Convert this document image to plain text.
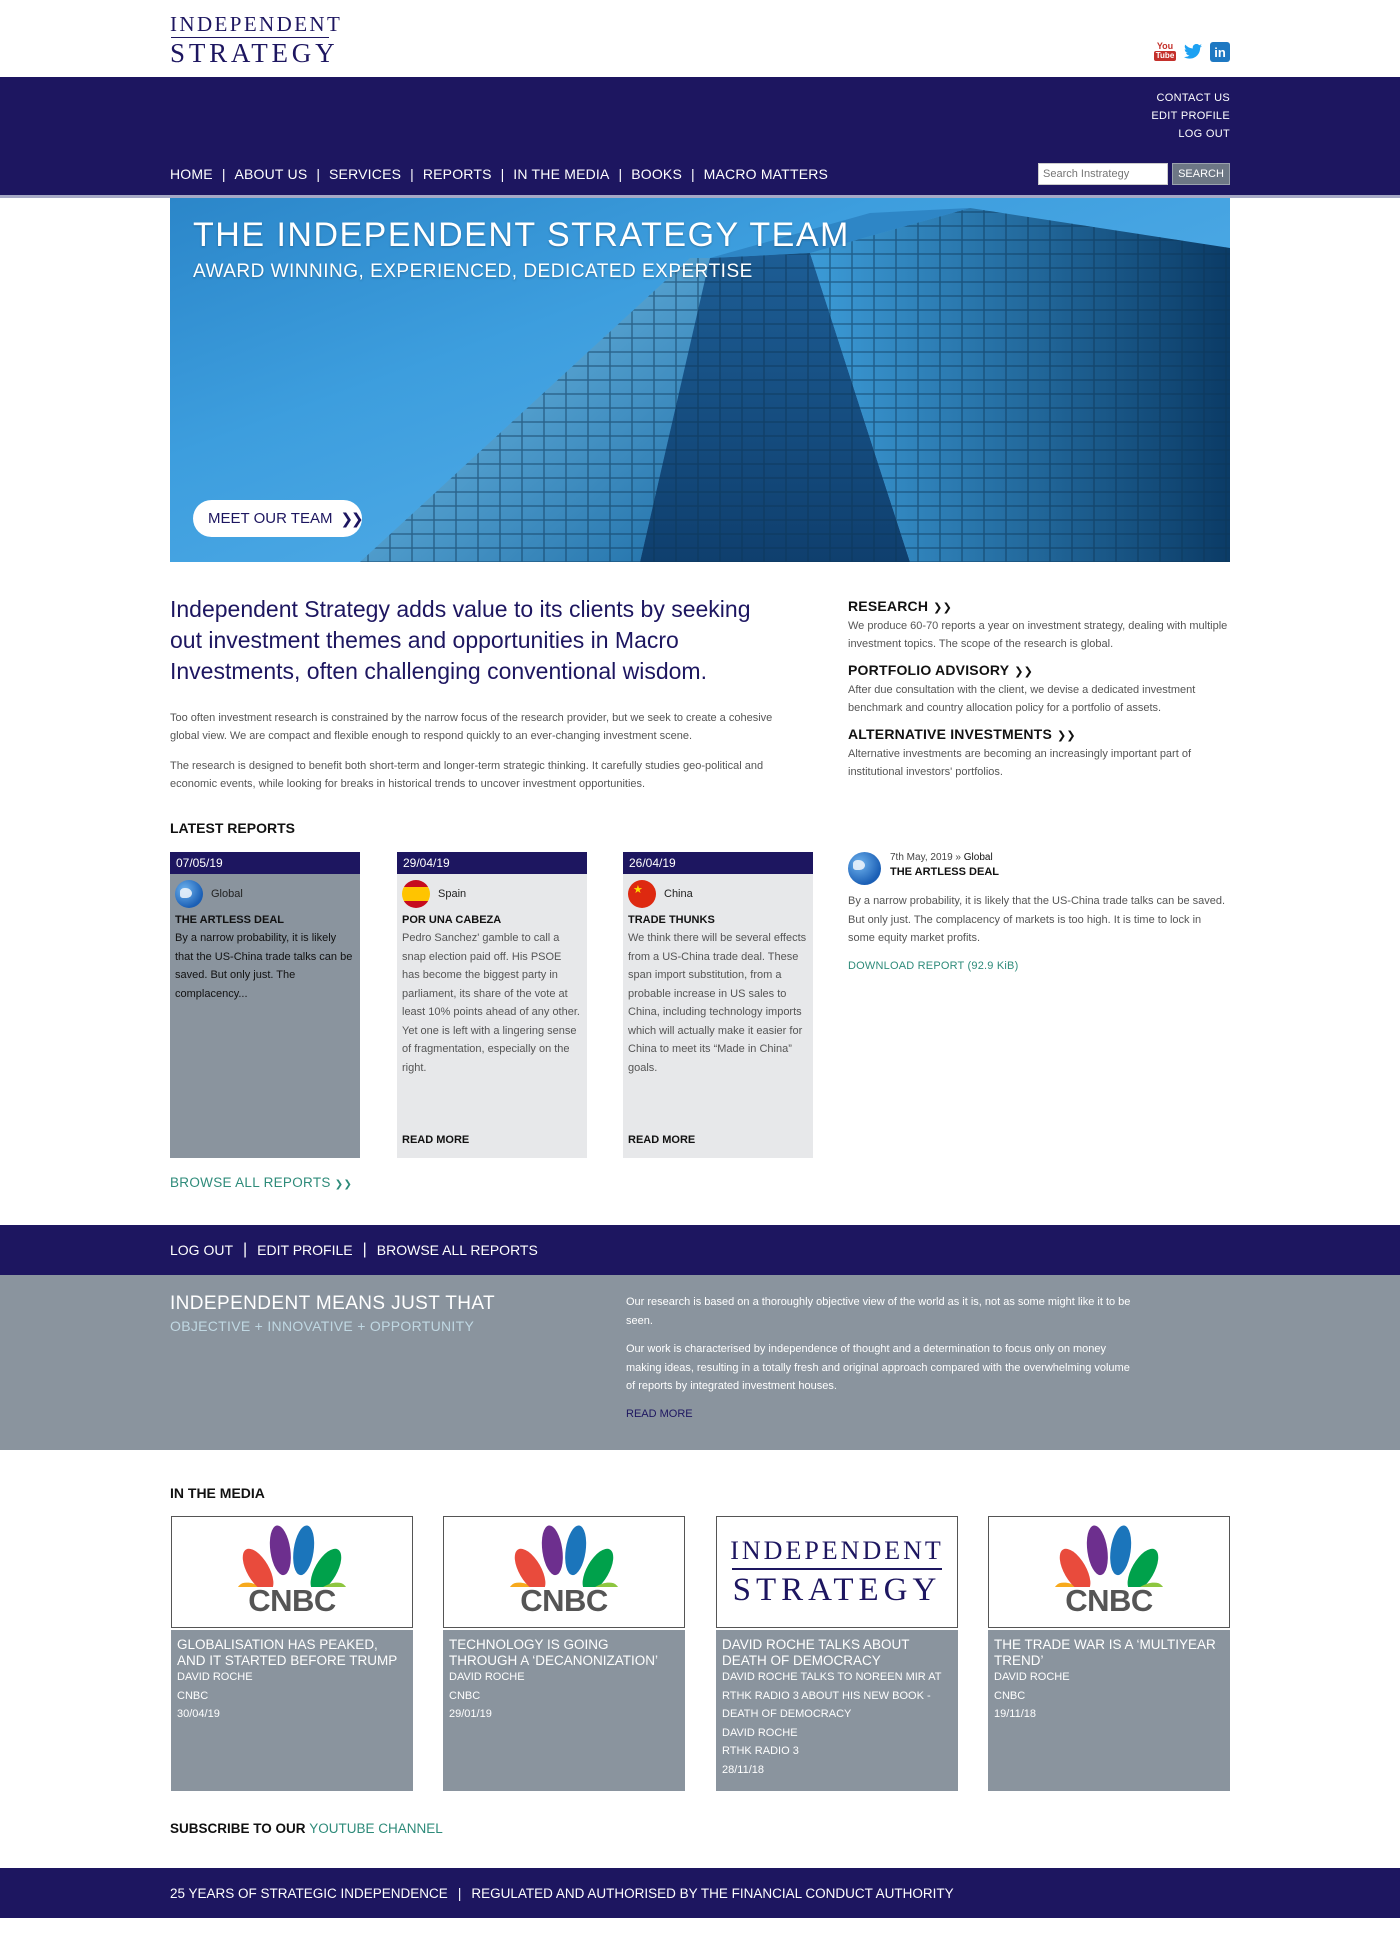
INDEPENDENT
STRATEGY	You
Tube	in
CONTACT US
EDIT PROFILE
LOG OUT
HOME | ABOUT US | SERVICES | REPORTS | IN THE MEDIA | BOOKS | MACRO MATTERS
Search Instrategy	SEARCH
THE INDEPENDENT STRATEGY TEAM
AWARD WINNING, EXPERIENCED, DEDICATED EXPERTISE
MEET OUR TEAM ❯❯
Independent Strategy adds value to its clients by seeking out investment themes and opportunities in Macro Investments, often challenging conventional wisdom.
Too often investment research is constrained by the narrow focus of the research provider, but we seek to create a cohesive global view. We are compact and flexible enough to respond quickly to an ever-changing investment scene.
The research is designed to benefit both short-term and longer-term strategic thinking. It carefully studies geo-political and economic events, while looking for breaks in historical trends to uncover investment opportunities.
RESEARCH ❯❯
We produce 60-70 reports a year on investment strategy, dealing with multiple investment topics. The scope of the research is global.
PORTFOLIO ADVISORY ❯❯
After due consultation with the client, we devise a dedicated investment benchmark and country allocation policy for a portfolio of assets.
ALTERNATIVE INVESTMENTS ❯❯
Alternative investments are becoming an increasingly important part of institutional investors' portfolios.
LATEST REPORTS
07/05/19
Global
THE ARTLESS DEAL
By a narrow probability, it is likely that the US-China trade talks can be saved. But only just. The complacency...
29/04/19
Spain
POR UNA CABEZA
Pedro Sanchez' gamble to call a snap election paid off. His PSOE has become the biggest party in parliament, its share of the vote at least 10% points ahead of any other. Yet one is left with a lingering sense of fragmentation, especially on the right.
READ MORE
26/04/19
★
China
TRADE THUNKS
We think there will be several effects from a US-China trade deal. These span import substitution, from a probable increase in US sales to China, including technology imports which will actually make it easier for China to meet its “Made in China” goals.
READ MORE
7th May, 2019 » Global
THE ARTLESS DEAL
By a narrow probability, it is likely that the US-China trade talks can be saved. But only just. The complacency of markets is too high. It is time to lock in some equity market profits.
DOWNLOAD REPORT (92.9 KiB)
BROWSE ALL REPORTS ❯❯
LOG OUT | EDIT PROFILE | BROWSE ALL REPORTS
INDEPENDENT MEANS JUST THAT
OBJECTIVE + INNOVATIVE + OPPORTUNITY
Our research is based on a thoroughly objective view of the world as it is, not as some might like it to be seen.
Our work is characterised by independence of thought and a determination to focus only on money making ideas, resulting in a totally fresh and original approach compared with the overwhelming volume of reports by integrated investment houses.
READ MORE
IN THE MEDIA
CNBC
GLOBALISATION HAS PEAKED, AND IT STARTED BEFORE TRUMP
DAVID ROCHE
CNBC
30/04/19
CNBC
TECHNOLOGY IS GOING THROUGH A ‘DECANONIZATION’
DAVID ROCHE
CNBC
29/01/19
INDEPENDENT
STRATEGY
DAVID ROCHE TALKS ABOUT DEATH OF DEMOCRACY
DAVID ROCHE TALKS TO NOREEN MIR AT RTHK RADIO 3 ABOUT HIS NEW BOOK - DEATH OF DEMOCRACY
DAVID ROCHE
RTHK RADIO 3
28/11/18
CNBC
THE TRADE WAR IS A ‘MULTIYEAR TREND’
DAVID ROCHE
CNBC
19/11/18
SUBSCRIBE TO OUR YOUTUBE CHANNEL
25 YEARS OF STRATEGIC INDEPENDENCE | REGULATED AND AUTHORISED BY THE FINANCIAL CONDUCT AUTHORITY
